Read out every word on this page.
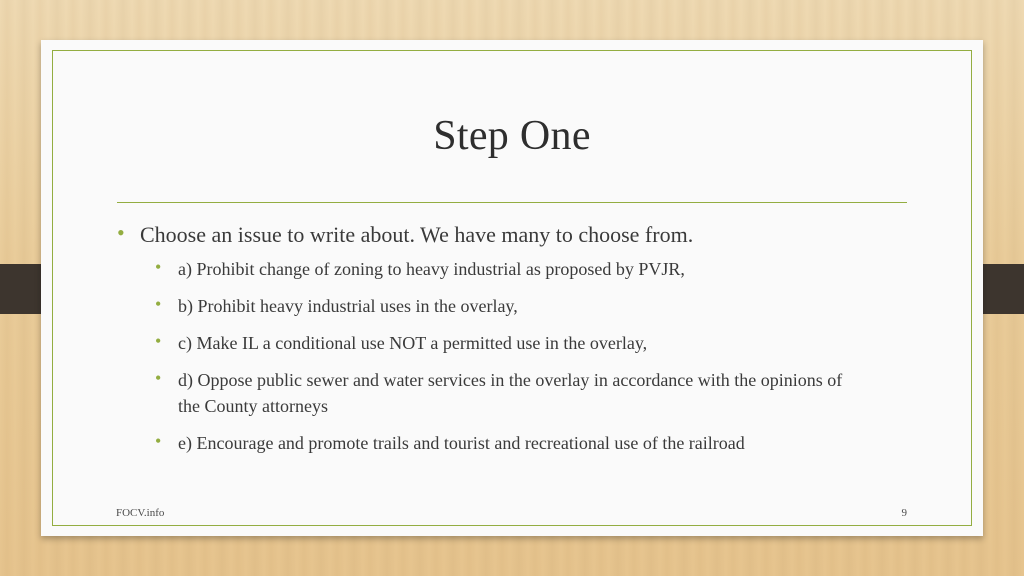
Step One
• Choose an issue to write about. We have many to choose from.
• a) Prohibit change of zoning to heavy industrial as proposed by PVJR,
• b) Prohibit heavy industrial uses in the overlay,
• c) Make IL a conditional use NOT a permitted use in the overlay,
• d) Oppose public sewer and water services in the overlay in accordance with the opinions of the County attorneys
• e) Encourage and promote trails and tourist and recreational use of the railroad
FOCV.info	9
